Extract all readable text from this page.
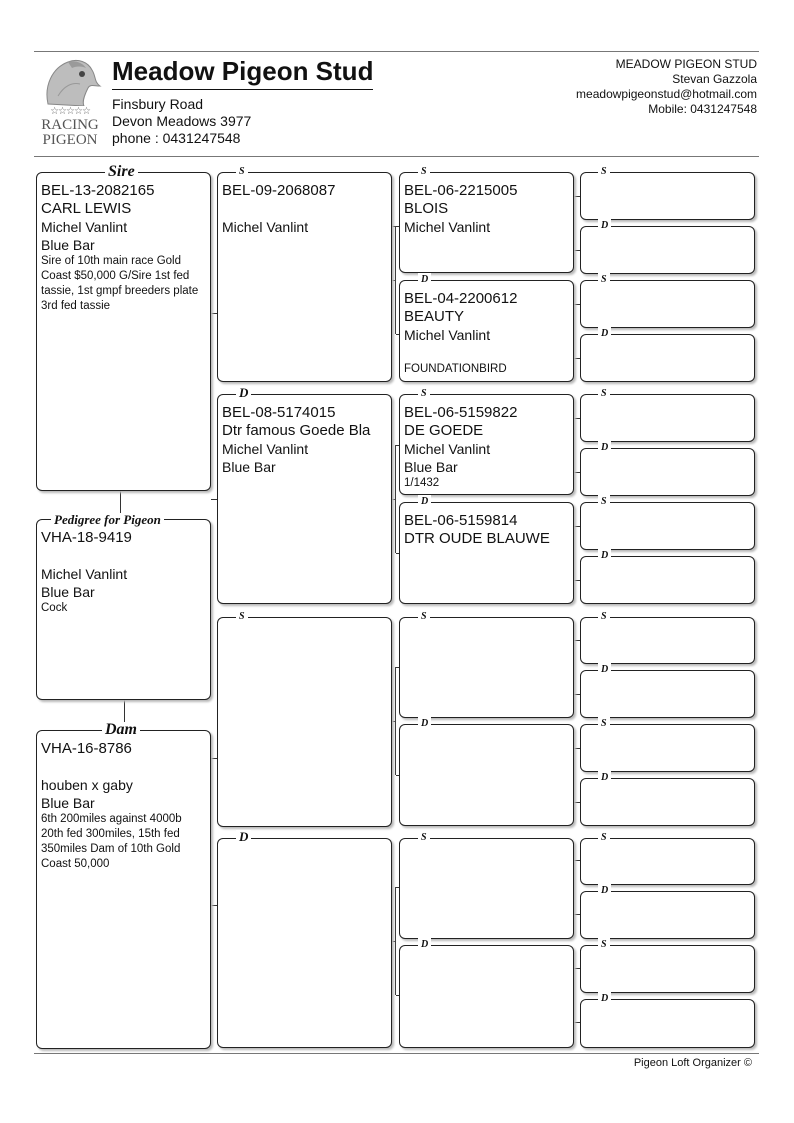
☆☆☆☆☆
RACING
PIGEON
Meadow Pigeon Stud
Finsbury Road
Devon Meadows 3977
phone : 0431247548
MEADOW PIGEON STUD
Stevan Gazzola
meadowpigeonstud@hotmail.com
Mobile: 0431247548
BEL-13-2082165
CARL LEWIS
Michel Vanlint
Blue Bar
Sire of 10th main race Gold Coast $50,000 G/Sire 1st fed tassie, 1st gmpf breeders plate 3rd fed tassie
Sire
VHA-18-9419
Michel Vanlint
Blue Bar
Cock
Pedigree for Pigeon
VHA-16-8786
houben x gaby
Blue Bar
6th 200miles against 4000b 20th fed 300miles, 15th fed 350miles Dam of 10th Gold Coast 50,000
Dam
BEL-09-2068087
Michel Vanlint
S
BEL-08-5174015
Dtr famous Goede Bla
Michel Vanlint
Blue Bar
D
S
D
BEL-06-2215005
BLOIS
Michel Vanlint
S
BEL-04-2200612
BEAUTY
Michel Vanlint
FOUNDATIONBIRD
D
BEL-06-5159822
DE GOEDE
Michel Vanlint
Blue Bar
1/1432
S
BEL-06-5159814
DTR OUDE BLAUWE
D
S
D
S
D
S
D
S
D
S
D
S
D
S
D
S
D
S
D
S
D
Pigeon Loft Organizer ©
